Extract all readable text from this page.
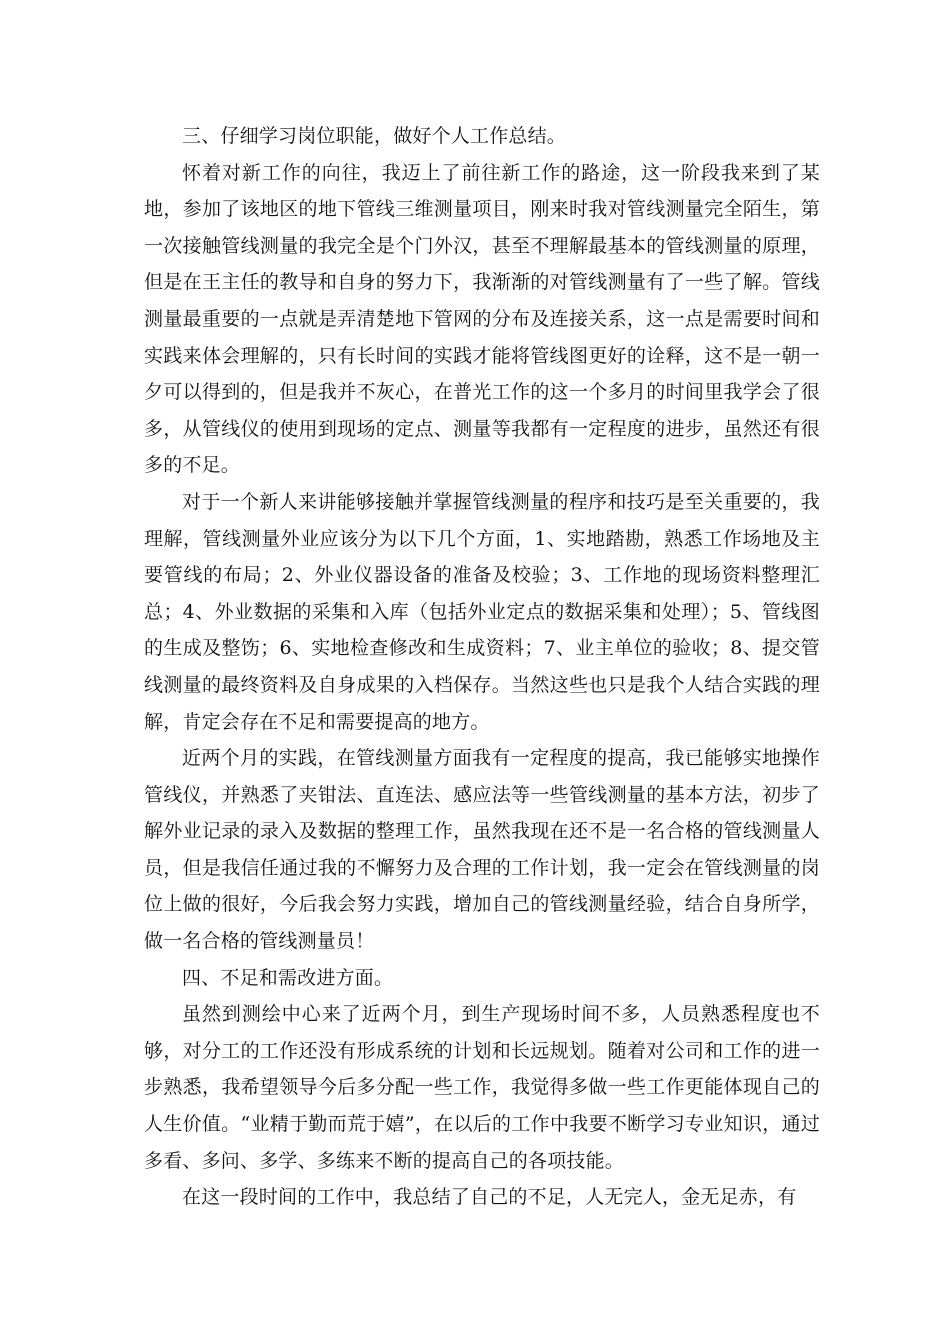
三、仔细学习岗位职能，做好个人工作总结。

怀着对新工作的向往，我迈上了前往新工作的路途，这一阶段我来到了某地，参加了该地区的地下管线三维测量项目，刚来时我对管线测量完全陌生，第一次接触管线测量的我完全是个门外汉，甚至不理解最基本的管线测量的原理，但是在王主任的教导和自身的努力下，我渐渐的对管线测量有了一些了解。管线测量最重要的一点就是弄清楚地下管网的分布及连接关系，这一点是需要时间和实践来体会理解的，只有长时间的实践才能将管线图更好的诠释，这不是一朝一夕可以得到的，但是我并不灰心，在普光工作的这一个多月的时间里我学会了很多，从管线仪的使用到现场的定点、测量等我都有一定程度的进步，虽然还有很多的不足。

对于一个新人来讲能够接触并掌握管线测量的程序和技巧是至关重要的，我理解，管线测量外业应该分为以下几个方面，1、实地踏勘，熟悉工作场地及主要管线的布局；2、外业仪器设备的准备及校验；3、工作地的现场资料整理汇总；4、外业数据的采集和入库（包括外业定点的数据采集和处理）；5、管线图的生成及整饬；6、实地检查修改和生成资料；7、业主单位的验收；8、提交管线测量的最终资料及自身成果的入档保存。当然这些也只是我个人结合实践的理解，肯定会存在不足和需要提高的地方。

近两个月的实践，在管线测量方面我有一定程度的提高，我已能够实地操作管线仪，并熟悉了夹钳法、直连法、感应法等一些管线测量的基本方法，初步了解外业记录的录入及数据的整理工作，虽然我现在还不是一名合格的管线测量人员，但是我信任通过我的不懈努力及合理的工作计划，我一定会在管线测量的岗位上做的很好，今后我会努力实践，增加自己的管线测量经验，结合自身所学，做一名合格的管线测量员！

四、不足和需改进方面。

虽然到测绘中心来了近两个月，到生产现场时间不多，人员熟悉程度也不够，对分工的工作还没有形成系统的计划和长远规划。随着对公司和工作的进一步熟悉，我希望领导今后多分配一些工作，我觉得多做一些工作更能体现自己的人生价值。“业精于勤而荒于嬉”，在以后的工作中我要不断学习专业知识，通过多看、多问、多学、多练来不断的提高自己的各项技能。

在这一段时间的工作中，我总结了自己的不足，人无完人，金无足赤，有
